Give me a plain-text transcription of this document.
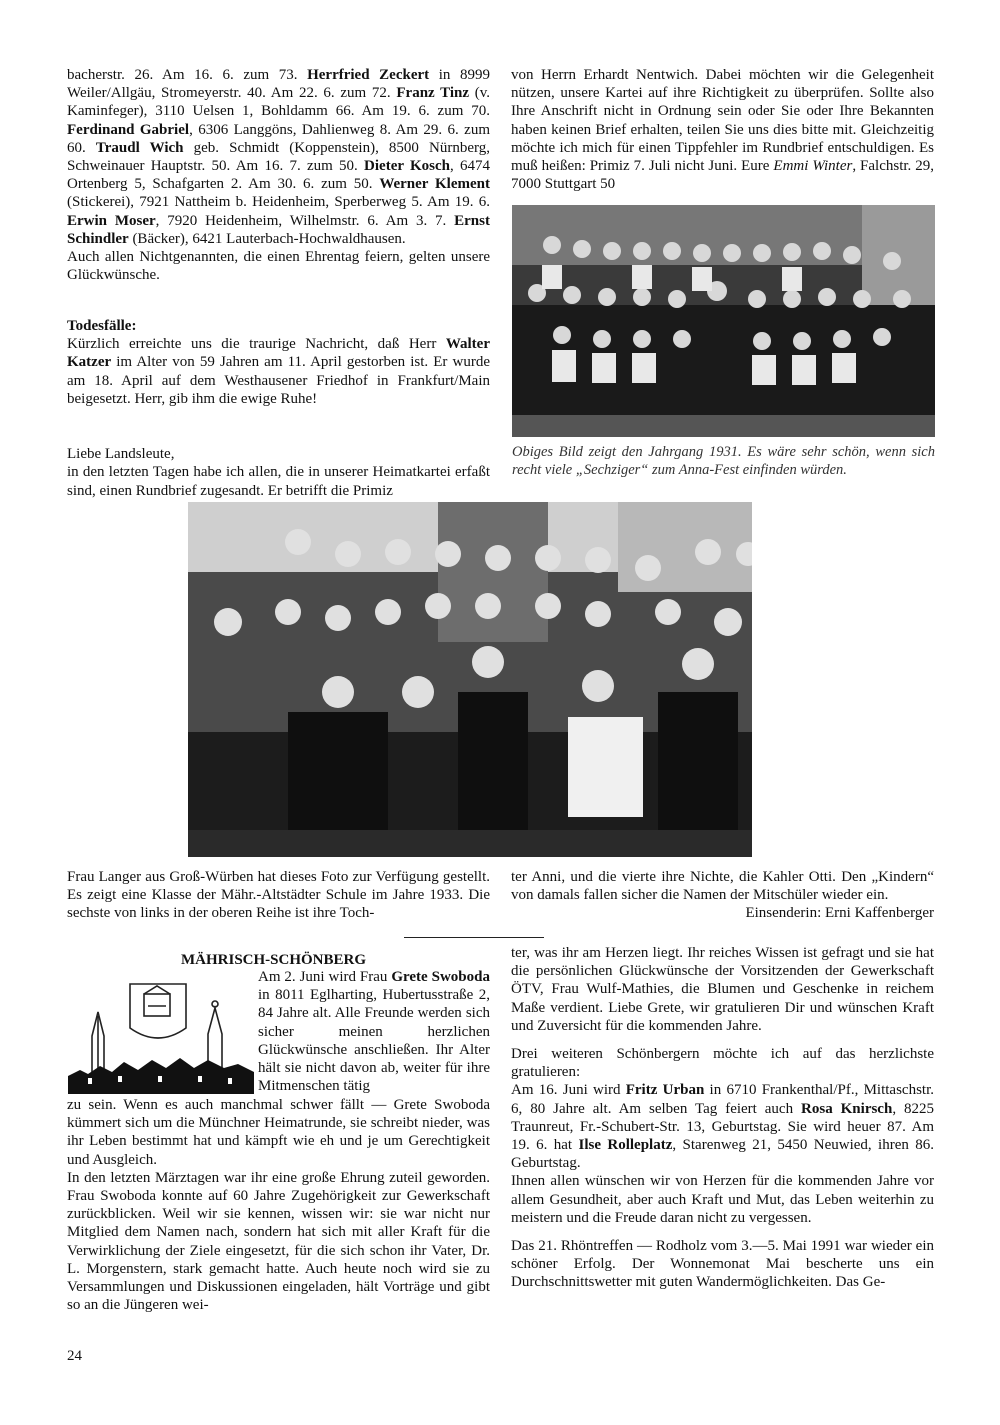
bacherstr. 26. Am 16. 6. zum 73. Herrfried Zeckert in 8999 Weiler/Allgäu, Stromeyerstr. 40. Am 22. 6. zum 72. Franz Tinz (v. Kaminfeger), 3110 Uelsen 1, Bohldamm 66. Am 19. 6. zum 70. Ferdinand Gabriel, 6306 Langgöns, Dahlienweg 8. Am 29. 6. zum 60. Traudl Wich geb. Schmidt (Koppenstein), 8500 Nürnberg, Schweinauer Hauptstr. 50. Am 16. 7. zum 50. Dieter Kosch, 6474 Ortenberg 5, Schafgarten 2. Am 30. 6. zum 50. Werner Klement (Stickerei), 7921 Nattheim b. Heidenheim, Sperberweg 5. Am 19. 6. Erwin Moser, 7920 Heidenheim, Wilhelmstr. 6. Am 3. 7. Ernst Schindler (Bäcker), 6421 Lauterbach-Hochwaldhausen.

Auch allen Nichtgenannten, die einen Ehrentag feiern, gelten unsere Glückwünsche.

Todesfälle:

Kürzlich erreichte uns die traurige Nachricht, daß Herr Walter Katzer im Alter von 59 Jahren am 11. April gestorben ist. Er wurde am 18. April auf dem Westhausener Friedhof in Frankfurt/Main beigesetzt. Herr, gib ihm die ewige Ruhe!

Liebe Landsleute,
in den letzten Tagen habe ich allen, die in unserer Heimatkartei erfaßt sind, einen Rundbrief zugesandt. Er betrifft die Primiz

von Herrn Erhardt Nentwich. Dabei möchten wir die Gelegenheit nützen, unsere Kartei auf ihre Richtigkeit zu überprüfen. Sollte also Ihre Anschrift nicht in Ordnung sein oder Sie oder Ihre Bekannten haben keinen Brief erhalten, teilen Sie uns dies bitte mit. Gleichzeitig möchte ich mich für einen Tippfehler im Rundbrief entschuldigen. Es muß heißen: Primiz 7. Juli nicht Juni. Eure Emmi Winter, Falchstr. 29, 7000 Stuttgart 50

Obiges Bild zeigt den Jahrgang 1931. Es wäre sehr schön, wenn sich recht viele „Sechziger“ zum Anna-Fest einfinden würden.

Frau Langer aus Groß-Würben hat dieses Foto zur Verfügung gestellt. Es zeigt eine Klasse der Mähr.-Altstädter Schule im Jahre 1933. Die sechste von links in der oberen Reihe ist ihre Toch-

ter Anni, und die vierte ihre Nichte, die Kahler Otti. Den „Kindern“ von damals fallen sicher die Namen der Mitschüler wieder ein.
Einsenderin: Erni Kaffenberger

MÄHRISCH-SCHÖNBERG

Am 2. Juni wird Frau Grete Swoboda in 8011 Eglharting, Hubertusstraße 2, 84 Jahre alt. Alle Freunde werden sich sicher meinen herzlichen Glückwünsche anschließen. Ihr Alter hält sie nicht davon ab, weiter für ihre Mitmenschen tätig

zu sein. Wenn es auch manchmal schwer fällt — Grete Swoboda kümmert sich um die Münchner Heimatrunde, sie schreibt nieder, was ihr Leben bestimmt hat und kämpft wie eh und je um Gerechtigkeit und Ausgleich.

In den letzten Märztagen war ihr eine große Ehrung zuteil geworden. Frau Swoboda konnte auf 60 Jahre Zugehörigkeit zur Gewerkschaft zurückblicken. Weil wir sie kennen, wissen wir: sie war nicht nur Mitglied dem Namen nach, sondern hat sich mit aller Kraft für die Verwirklichung der Ziele eingesetzt, für die sich schon ihr Vater, Dr. L. Morgenstern, stark gemacht hatte. Auch heute noch wird sie zu Versammlungen und Diskussionen eingeladen, hält Vorträge und gibt so an die Jüngeren wei-

ter, was ihr am Herzen liegt. Ihr reiches Wissen ist gefragt und sie hat die persönlichen Glückwünsche der Vorsitzenden der Gewerkschaft ÖTV, Frau Wulf-Mathies, die Blumen und Geschenke in reichem Maße verdient. Liebe Grete, wir gratulieren Dir und wünschen Kraft und Zuversicht für die kommenden Jahre.

Drei weiteren Schönbergern möchte ich auf das herzlichste gratulieren:

Am 16. Juni wird Fritz Urban in 6710 Frankenthal/Pf., Mittaschstr. 6, 80 Jahre alt. Am selben Tag feiert auch Rosa Knirsch, 8225 Traunreut, Fr.-Schubert-Str. 13, Geburtstag. Sie wird heuer 87. Am 19. 6. hat Ilse Rolleplatz, Starenweg 21, 5450 Neuwied, ihren 86. Geburtstag.

Ihnen allen wünschen wir von Herzen für die kommenden Jahre vor allem Gesundheit, aber auch Kraft und Mut, das Leben weiterhin zu meistern und die Freude daran nicht zu vergessen.

Das 21. Rhöntreffen — Rodholz vom 3.—5. Mai 1991 war wieder ein schöner Erfolg. Der Wonnemonat Mai bescherte uns ein Durchschnittswetter mit guten Wandermöglichkeiten. Das Ge-

24
